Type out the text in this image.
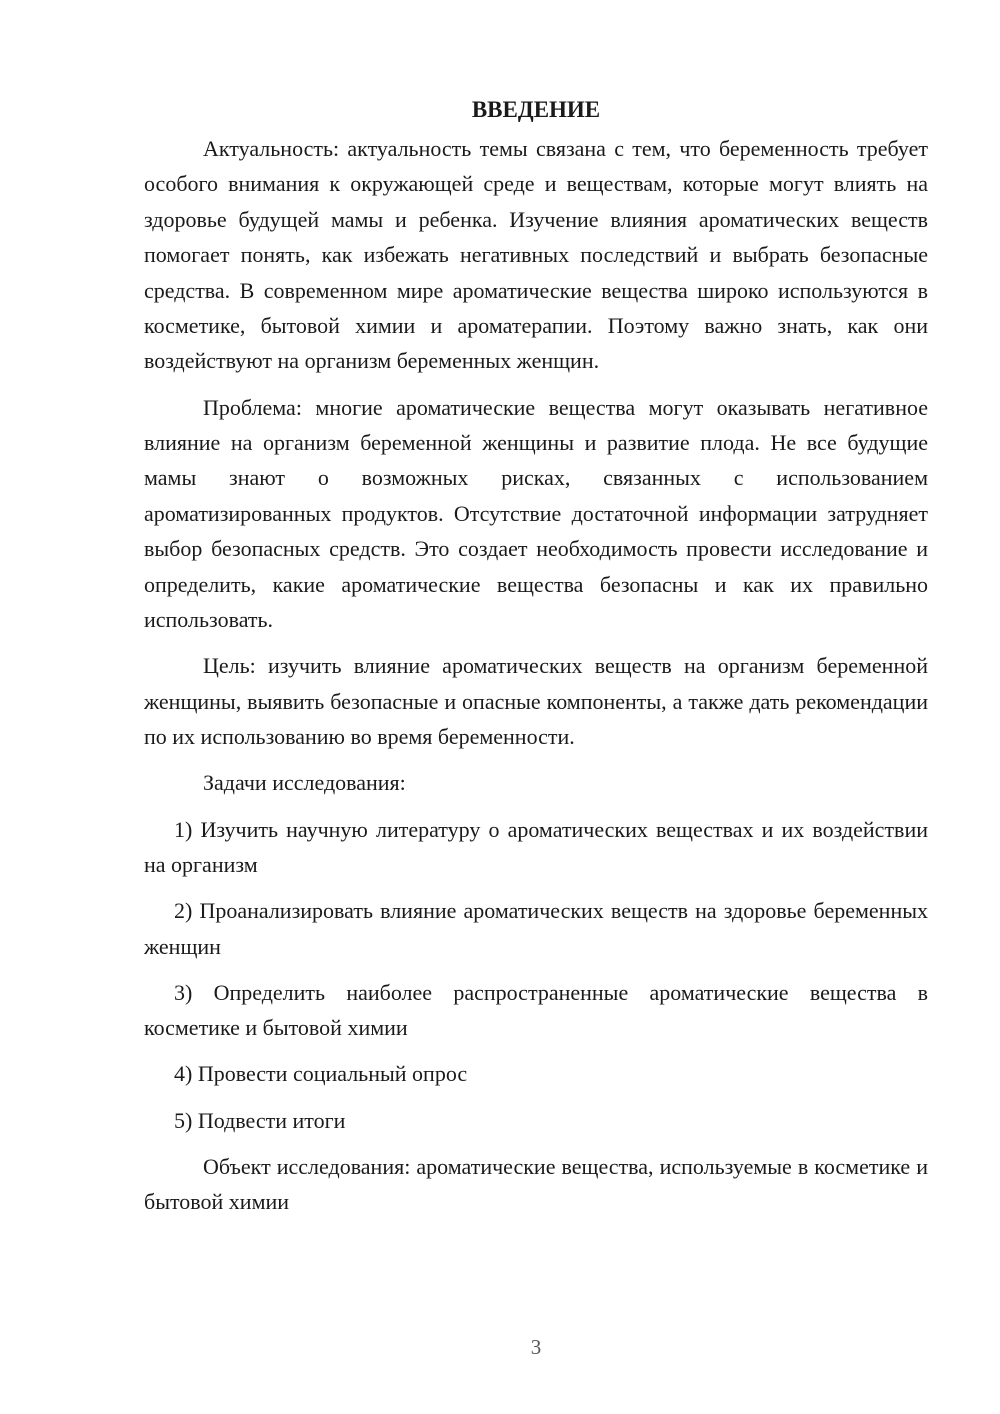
ВВЕДЕНИЕ

Актуальность: актуальность темы связана с тем, что беременность требует особого внимания к окружающей среде и веществам, которые могут влиять на здоровье будущей мамы и ребенка. Изучение влияния ароматических веществ помогает понять, как избежать негативных последствий и выбрать безопасные средства. В современном мире ароматические вещества широко используются в косметике, бытовой химии и ароматерапии. Поэтому важно знать, как они воздействуют на организм беременных женщин.

Проблема: многие ароматические вещества могут оказывать негативное влияние на организм беременной женщины и развитие плода. Не все будущие мамы знают о возможных рисках, связанных с использованием ароматизированных продуктов. Отсутствие достаточной информации затрудняет выбор безопасных средств. Это создает необходимость провести исследование и определить, какие ароматические вещества безопасны и как их правильно использовать.

Цель: изучить влияние ароматических веществ на организм беременной женщины, выявить безопасные и опасные компоненты, а также дать рекомендации по их использованию во время беременности.

Задачи исследования:

1) Изучить научную литературу о ароматических веществах и их воздействии на организм

2) Проанализировать влияние ароматических веществ на здоровье беременных женщин

3) Определить наиболее распространенные ароматические вещества в косметике и бытовой химии

4) Провести социальный опрос

5) Подвести итоги

Объект исследования: ароматические вещества, используемые в косметике и бытовой химии

3
